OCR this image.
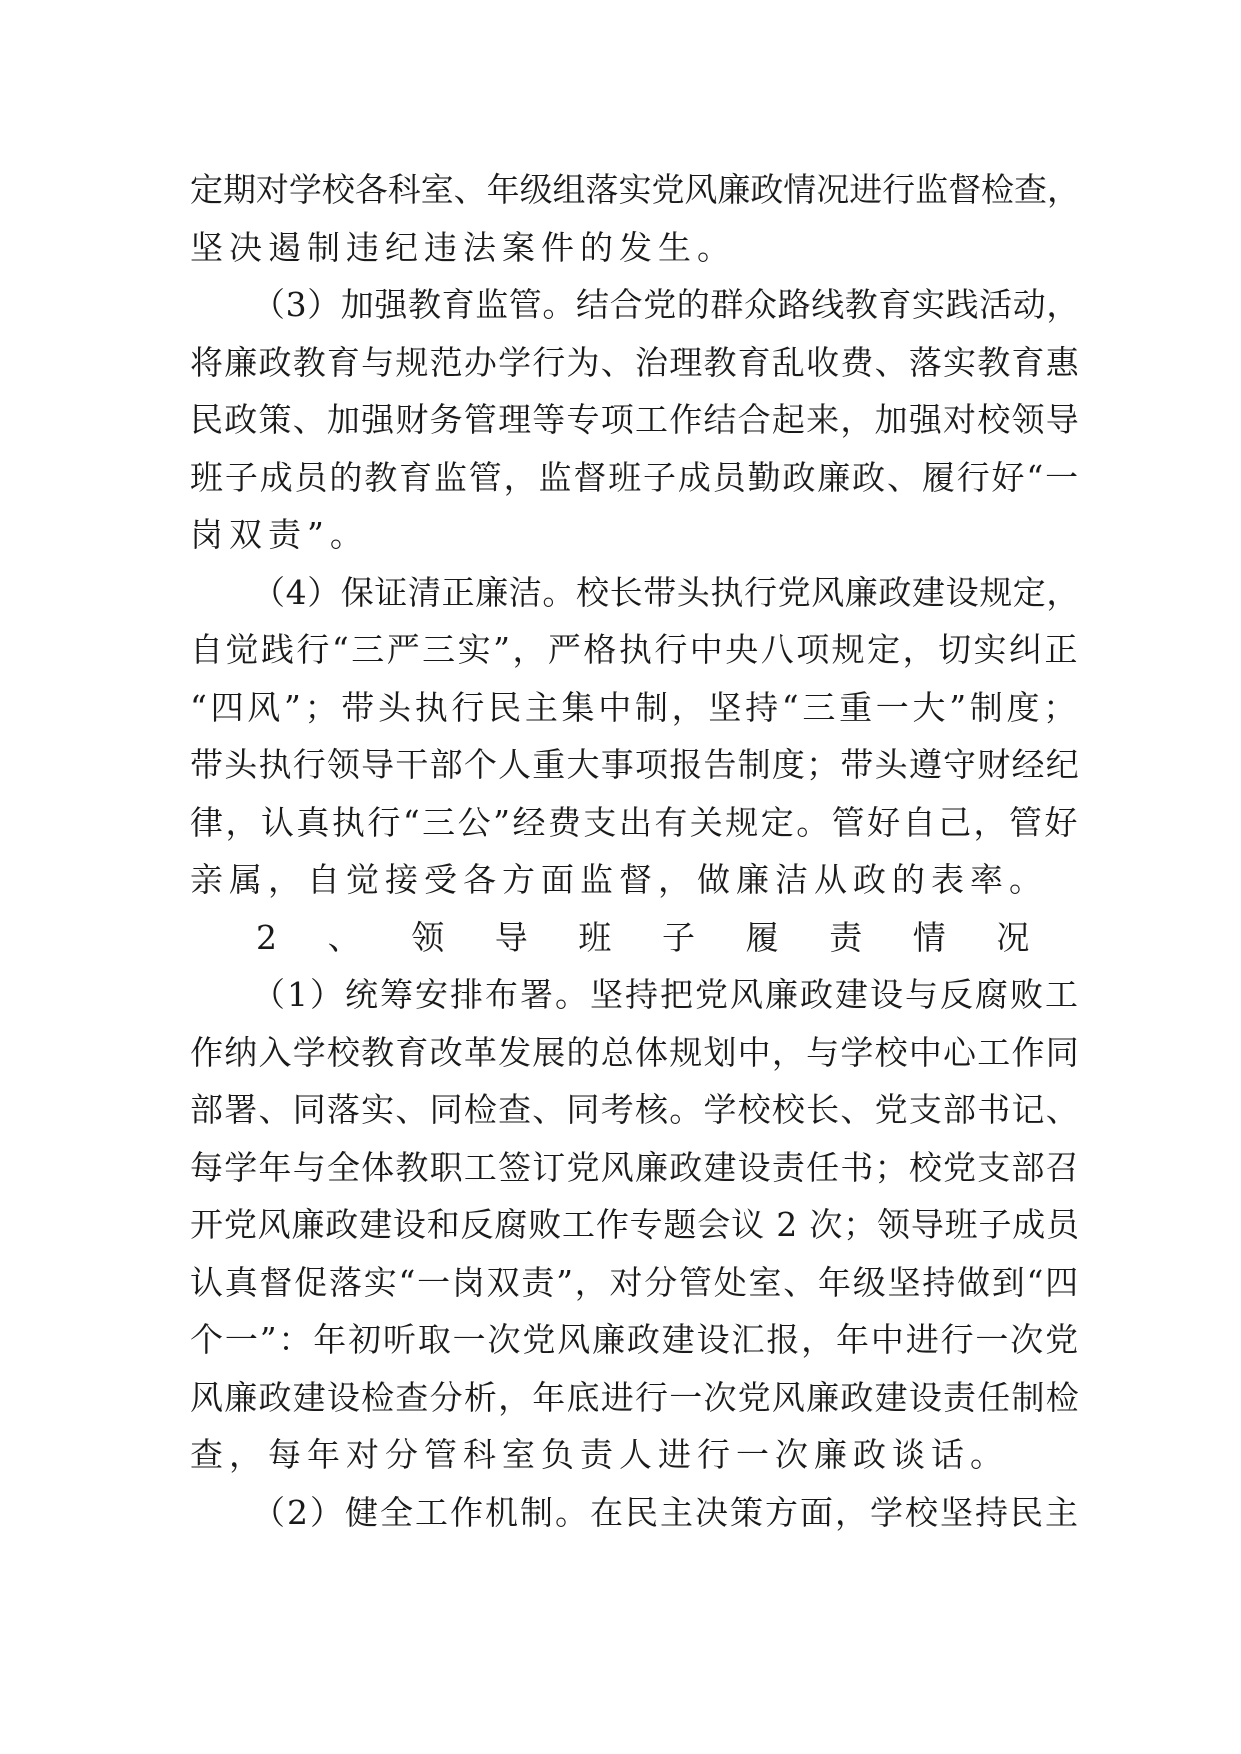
定期对学校各科室、年级组落实党风廉政情况进行监督检查，
坚决遏制违纪违法案件的发生。
（3）加强教育监管。结合党的群众路线教育实践活动，
将廉政教育与规范办学行为、治理教育乱收费、落实教育惠
民政策、加强财务管理等专项工作结合起来，加强对校领导
班子成员的教育监管，监督班子成员勤政廉政、履行好“一
岗双责”。
（4）保证清正廉洁。校长带头执行党风廉政建设规定，
自觉践行“三严三实”，严格执行中央八项规定，切实纠正
“四风”；带头执行民主集中制，坚持“三重一大”制度；
带头执行领导干部个人重大事项报告制度；带头遵守财经纪
律，认真执行“三公”经费支出有关规定。管好自己，管好
亲属，自觉接受各方面监督，做廉洁从政的表率。
2、领导班子履责情况
（1）统筹安排布署。坚持把党风廉政建设与反腐败工
作纳入学校教育改革发展的总体规划中，与学校中心工作同
部署、同落实、同检查、同考核。学校校长、党支部书记、
每学年与全体教职工签订党风廉政建设责任书；校党支部召
开党风廉政建设和反腐败工作专题会议 2 次；领导班子成员
认真督促落实“一岗双责”，对分管处室、年级坚持做到“四
个一”：年初听取一次党风廉政建设汇报，年中进行一次党
风廉政建设检查分析，年底进行一次党风廉政建设责任制检
查，每年对分管科室负责人进行一次廉政谈话。
（2）健全工作机制。在民主决策方面，学校坚持民主
